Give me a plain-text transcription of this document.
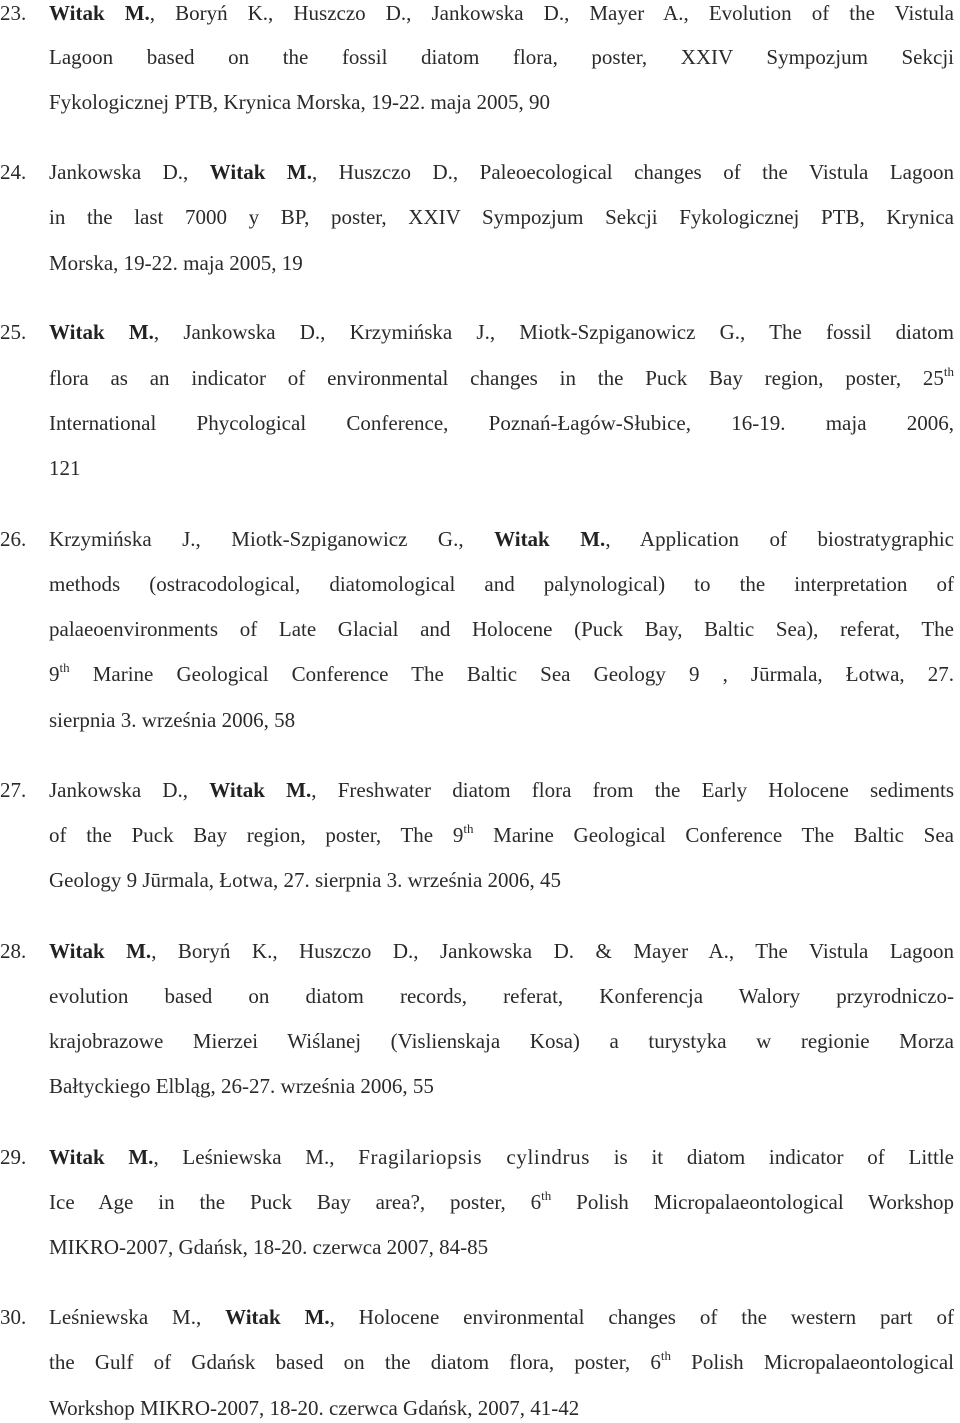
23. Witak M., Boryń K., Huszczo D., Jankowska D., Mayer A., Evolution of the Vistula
Lagoon based on the fossil diatom flora, poster, XXIV Sympozjum Sekcji
Fykologicznej PTB, Krynica Morska, 19-22. maja 2005, 90
24. Jankowska D., Witak M., Huszczo D., Paleoecological changes of the Vistula Lagoon
in the last 7000 y BP, poster, XXIV Sympozjum Sekcji Fykologicznej PTB, Krynica
Morska, 19-22. maja 2005, 19
25. Witak M., Jankowska D., Krzymińska J., Miotk-Szpiganowicz G., The fossil diatom
flora as an indicator of environmental changes in the Puck Bay region, poster, 25th
International Phycological Conference, Poznań-Łagów-Słubice, 16-19. maja 2006,
121
26. Krzymińska J., Miotk-Szpiganowicz G., Witak M., Application of biostratygraphic
methods (ostracodological, diatomological and palynological) to the interpretation of
palaeoenvironments of Late Glacial and Holocene (Puck Bay, Baltic Sea), referat, The
9th Marine Geological Conference The Baltic Sea Geology 9 , Jūrmala, Łotwa, 27.
sierpnia 3. września 2006, 58
27. Jankowska D., Witak M., Freshwater diatom flora from the Early Holocene sediments
of the Puck Bay region, poster, The 9th Marine Geological Conference The Baltic Sea
Geology 9 Jūrmala, Łotwa, 27. sierpnia 3. września 2006, 45
28. Witak M., Boryń K., Huszczo D., Jankowska D. & Mayer A., The Vistula Lagoon
evolution based on diatom records, referat, Konferencja Walory przyrodniczo-
krajobrazowe Mierzei Wiślanej (Vislienskaja Kosa) a turystyka w regionie Morza
Bałtyckiego Elbląg, 26-27. września 2006, 55
29. Witak M., Leśniewska M., Fragilariopsis cylindrus is it diatom indicator of Little
Ice Age in the Puck Bay area?, poster, 6th Polish Micropalaeontological Workshop
MIKRO-2007, Gdańsk, 18-20. czerwca 2007, 84-85
30. Leśniewska M., Witak M., Holocene environmental changes of the western part of
the Gulf of Gdańsk based on the diatom flora, poster, 6th Polish Micropalaeontological
Workshop MIKRO-2007, 18-20. czerwca Gdańsk, 2007, 41-42
